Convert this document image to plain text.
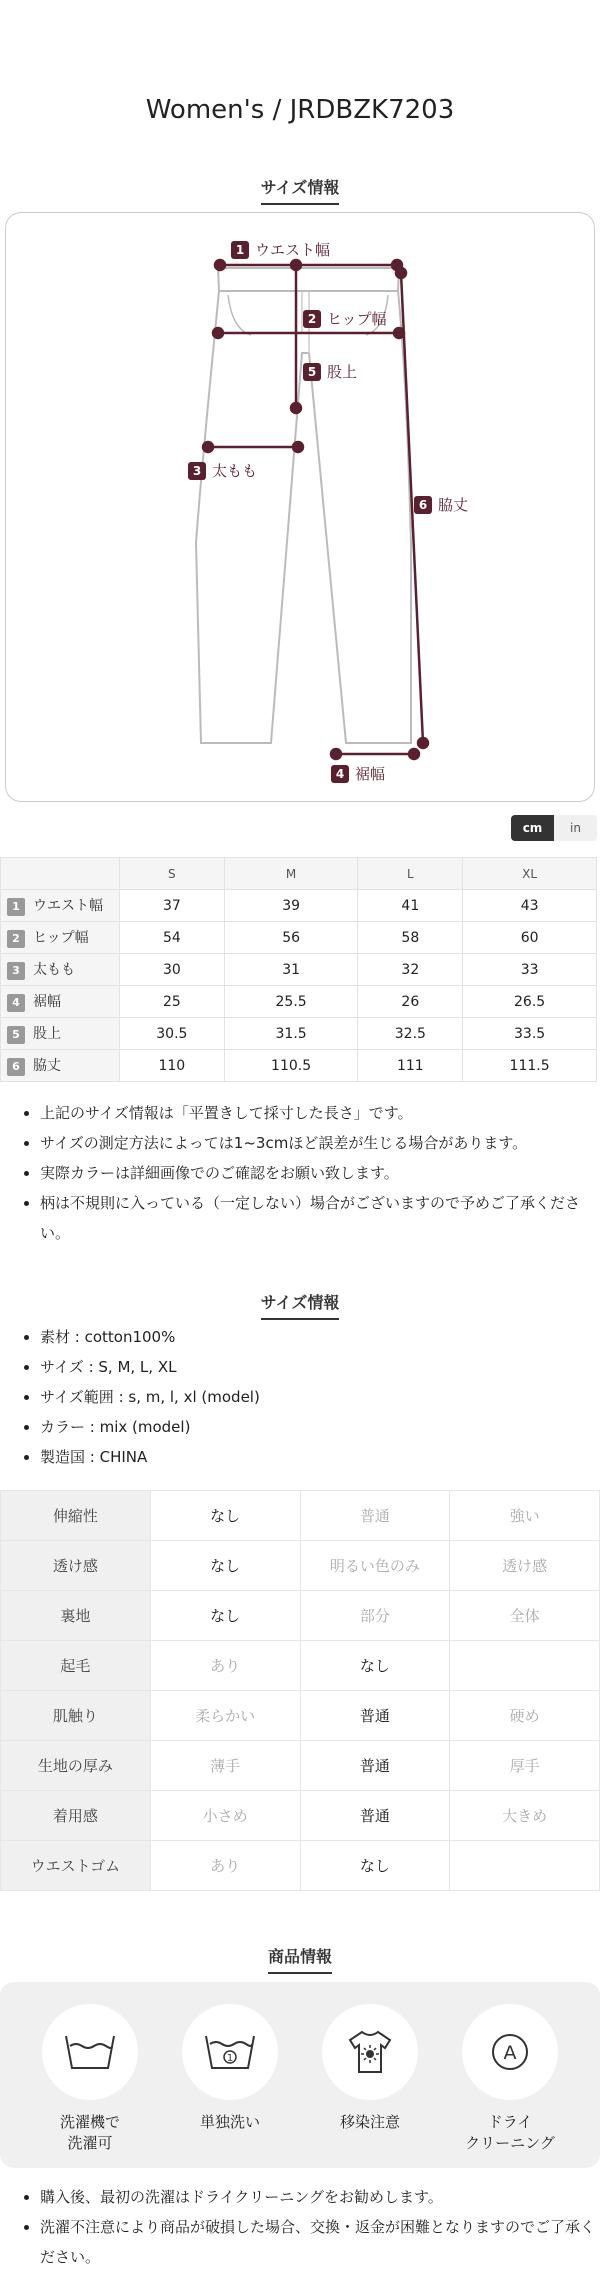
Women's / JRDBZK7203
サイズ情報
1 ウエスト幅
2 ヒップ幅
5 股上
3 太もも
6 脇丈
4 裾幅
cm	in
	S	M	L	XL
1 ウエスト幅	37	39	41	43
2 ヒップ幅	54	56	58	60
3 太もも	30	31	32	33
4 裾幅	25	25.5	26	26.5
5 股上	30.5	31.5	32.5	33.5
6 脇丈	110	110.5	111	111.5
• 上記のサイズ情報は「平置きして採寸した長さ」です。
• サイズの測定方法によっては1~3cmほど誤差が生じる場合があります。
• 実際カラーは詳細画像でのご確認をお願い致します。
• 柄は不規則に入っている（一定しない）場合がございますので予めご了承ください。
サイズ情報
• 素材 : cotton100%
• サイズ : S, M, L, XL
• サイズ範囲 : s, m, l, xl (model)
• カラー : mix (model)
• 製造国 : CHINA
伸縮性	なし	普通	強い
透け感	なし	明るい色のみ	透け感
裏地	なし	部分	全体
起毛	あり	なし	
肌触り	柔らかい	普通	硬め
生地の厚み	薄手	普通	厚手
着用感	小さめ	普通	大きめ
ウエストゴム	あり	なし	
商品情報
洗濯機で
洗濯可
1
単独洗い	移染注意
A
ドライ
クリーニング
• 購入後、最初の洗濯はドライクリーニングをお勧めします。
• 洗濯不注意により商品が破損した場合、交換・返金が困難となりますのでご了承ください。
